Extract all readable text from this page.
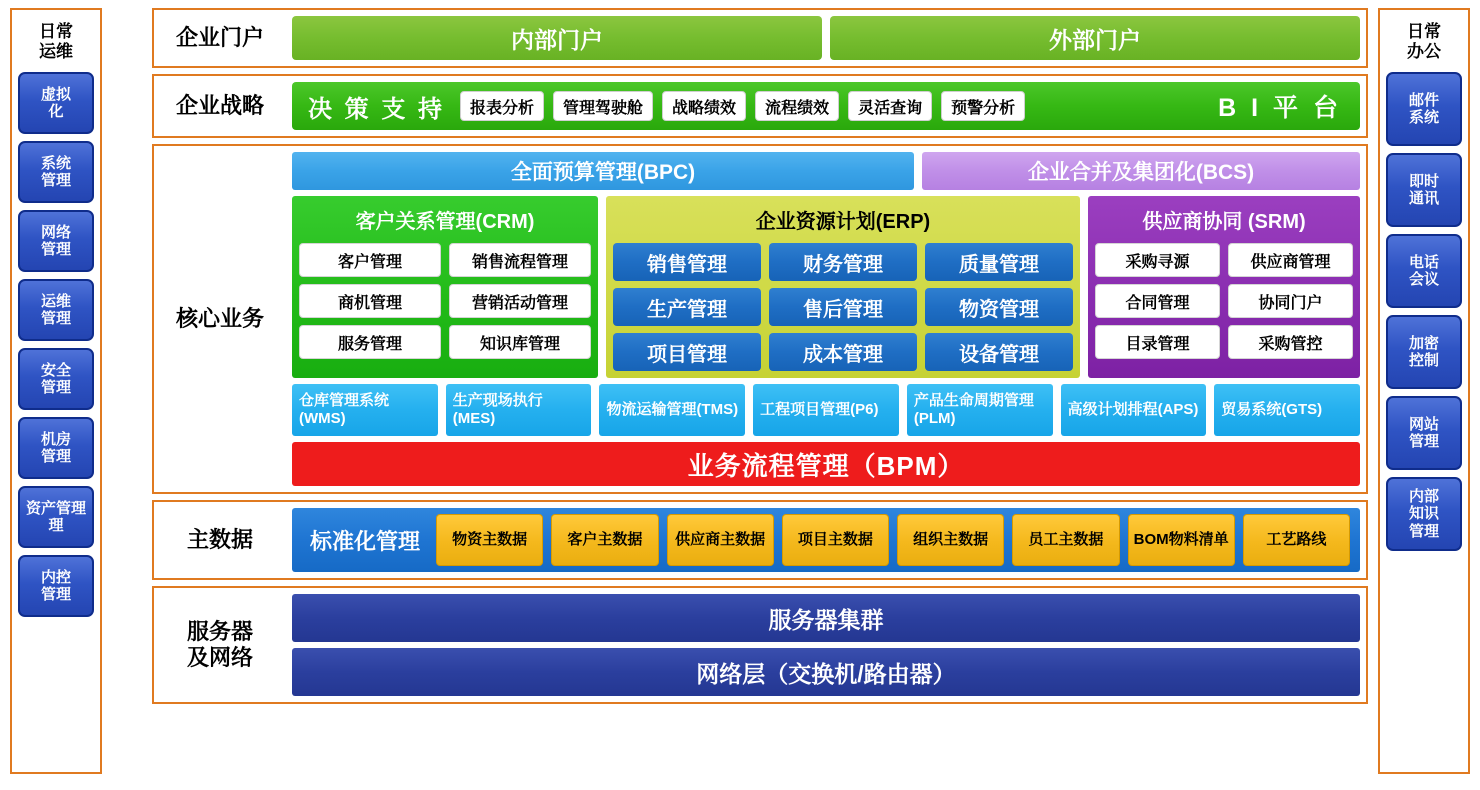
日常
运维
虚拟
化
系统
管理
网络
管理
运维
管理
安全
管理
机房
管理
资产管理
理
内控
管理
日常
办公
邮件
系统
即时
通讯
电话
会议
加密
控制
网站
管理
内部
知识
管理
企业门户	内部门户	外部门户
企业战略	决 策 支 持	报表分析	管理驾驶舱	战略绩效	流程绩效	灵活查询	预警分析	B I 平 台
核心业务
全面预算管理(BPC)	企业合并及集团化(BCS)
客户关系管理(CRM)
客户管理	销售流程管理
商机管理	营销活动管理
服务管理	知识库管理
企业资源计划(ERP)
销售管理	财务管理	质量管理
生产管理	售后管理	物资管理
项目管理	成本管理	设备管理
供应商协同 (SRM)
采购寻源	供应商管理
合同管理	协同门户
目录管理	采购管控
仓库管理系统(WMS)
生产现场执行(MES)
物流运输管理(TMS)	工程项目管理(P6)
产品生命周期管理(PLM)
高级计划排程(APS)	贸易系统(GTS)
业务流程管理（BPM）
主数据	标准化管理	物资主数据	客户主数据	供应商主数据	项目主数据	组织主数据	员工主数据	BOM物料清单	工艺路线
服务器
及网络
服务器集群
网络层（交换机/路由器）
